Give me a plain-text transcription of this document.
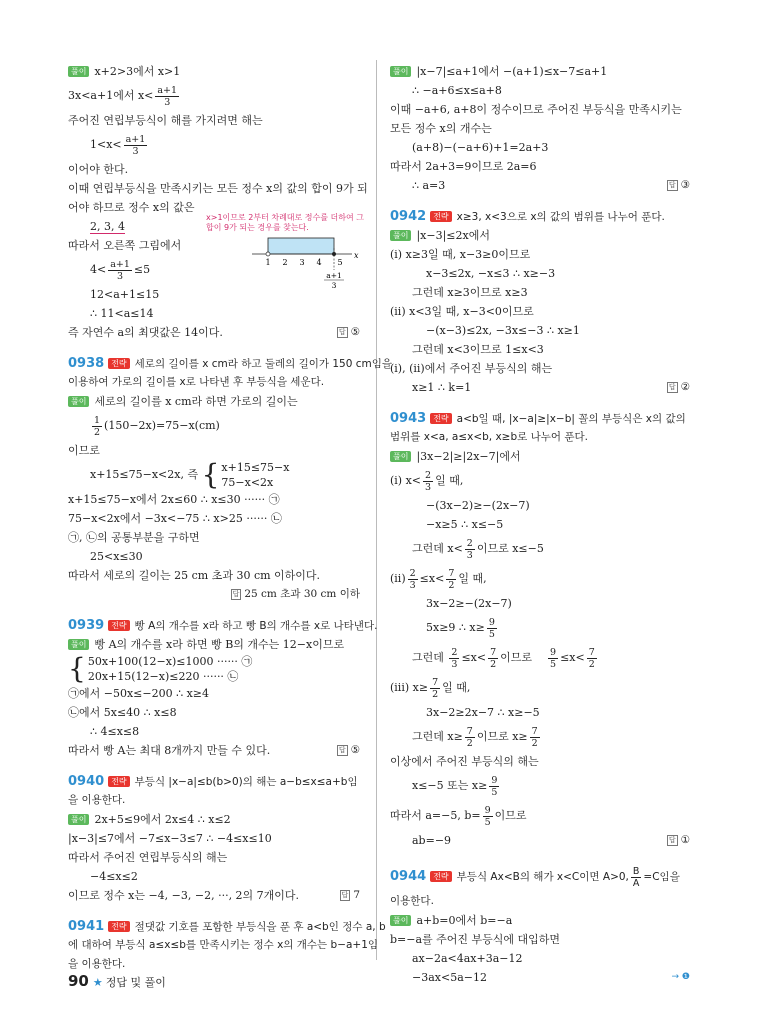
풀이 x+2>3에서 x>1
3x<a+1에서 $x< \frac{a+1}{3}$
주어진 연립부등식이 해를 가지려면 해는
$1<x< \frac{a+1}{3}$
이어야 한다.
이때 연립부등식을 만족시키는 모든 정수 x의 값의 합이 9가 되
어야 하므로 정수 x의 값은
2, 3, 4
x>1이므로 2부터 차례대로 정수를 더하여 그 합이 9가 되는 경우를 찾는다.
따라서 오른쪽 그림에서
1 2 3 4 5
x
a+1
3
$4< \frac{a+1}{3} \le 5$
12<a+1≤15
∴ 11<a≤14
즉 자연수 a의 최댓값은 14이다.	답 ⑤
0938 전략 세로의 길이를 x cm라 하고 둘레의 길이가 150 cm임을
이용하여 가로의 길이를 x로 나타낸 후 부등식을 세운다.
풀이 세로의 길이를 x cm라 하면 가로의 길이는
$\frac{1}{2} (150-2x)=75-x(cm)$
이므로
x+15≤75−x<2x, 즉 { x+15≤75−x
75−x<2x
x+15≤75−x에서 2x≤60 ∴ x≤30 ······ ㉠
75−x<2x에서 −3x<−75 ∴ x>25 ······ ㉡
㉠, ㉡의 공통부분을 구하면
25<x≤30
따라서 세로의 길이는 25 cm 초과 30 cm 이하이다.
답 25 cm 초과 30 cm 이하
0939 전략 빵 A의 개수를 x라 하고 빵 B의 개수를 x로 나타낸다.
풀이 빵 A의 개수를 x라 하면 빵 B의 개수는 12−x이므로
{ 50x+100(12−x)≤1000 ······ ㉠
20x+15(12−x)≤220 ······ ㉡
㉠에서 −50x≤−200 ∴ x≥4
㉡에서 5x≤40 ∴ x≤8
∴ 4≤x≤8
따라서 빵 A는 최대 8개까지 만들 수 있다.	답 ⑤
0940 전략 부등식 |x−a|≤b(b>0)의 해는 a−b≤x≤a+b임
을 이용한다.
풀이 2x+5≤9에서 2x≤4 ∴ x≤2
|x−3|≤7에서 −7≤x−3≤7 ∴ −4≤x≤10
따라서 주어진 연립부등식의 해는
−4≤x≤2
이므로 정수 x는 −4, −3, −2, ···, 2의 7개이다.	답 7
0941 전략 절댓값 기호를 포함한 부등식을 푼 후 a<b인 정수 a, b
에 대하여 부등식 a≤x≤b를 만족시키는 정수 x의 개수는 b−a+1임
을 이용한다.
풀이 |x−7|≤a+1에서 −(a+1)≤x−7≤a+1
∴ −a+6≤x≤a+8
이때 −a+6, a+8이 정수이므로 주어진 부등식을 만족시키는
모든 정수 x의 개수는
(a+8)−(−a+6)+1=2a+3
따라서 2a+3=9이므로 2a=6
∴ a=3	답 ③
0942 전략 x≥3, x<3으로 x의 값의 범위를 나누어 푼다.
풀이 |x−3|≤2x에서
(i) x≥3일 때, x−3≥0이므로
x−3≤2x, −x≤3 ∴ x≥−3
그런데 x≥3이므로 x≥3
(ii) x<3일 때, x−3<0이므로
−(x−3)≤2x, −3x≤−3 ∴ x≥1
그런데 x<3이므로 1≤x<3
(i), (ii)에서 주어진 부등식의 해는
x≥1 ∴ k=1	답 ②
0943 전략 a<b일 때, |x−a|≥|x−b| 꼴의 부등식은 x의 값의
범위를 x<a, a≤x<b, x≥b로 나누어 푼다.
풀이 |3x−2|≥|2x−7|에서
(i) $x< \frac{2}{3}$ 일 때,
−(3x−2)≥−(2x−7)
−x≥5 ∴ x≤−5
그런데 $x< \frac{2}{3}$ 이므로 x≤−5
$(ii) \frac{2}{3} \le x< \frac{7}{2}$ 일 때,
3x−2≥−(2x−7)
5x≥9 ∴ $x\ge \frac{9}{5}$
그런데 $\frac{2}{3} \le x< \frac{7}{2}$ 이므로 $\frac{9}{5} \le x< \frac{7}{2}$
(iii) $x\ge \frac{7}{2}$ 일 때,
3x−2≥2x−7 ∴ x≥−5
그런데 $x\ge \frac{7}{2}$ 이므로 $x\ge \frac{7}{2}$
이상에서 주어진 부등식의 해는
x≤−5 또는 $x\ge \frac{9}{5}$
따라서 a=−5, $b= \frac{9}{5}$ 이므로
ab=−9	답 ①
0944 전략 부등식 Ax<B의 해가 x<C이면 A>0, $\frac{B}{A} =C$임을
이용한다.
풀이 a+b=0에서 b=−a
b=−a를 주어진 부등식에 대입하면
ax−2a<4ax+3a−12
−3ax<5a−12	→ ❶
90 ★ 정답 및 풀이
